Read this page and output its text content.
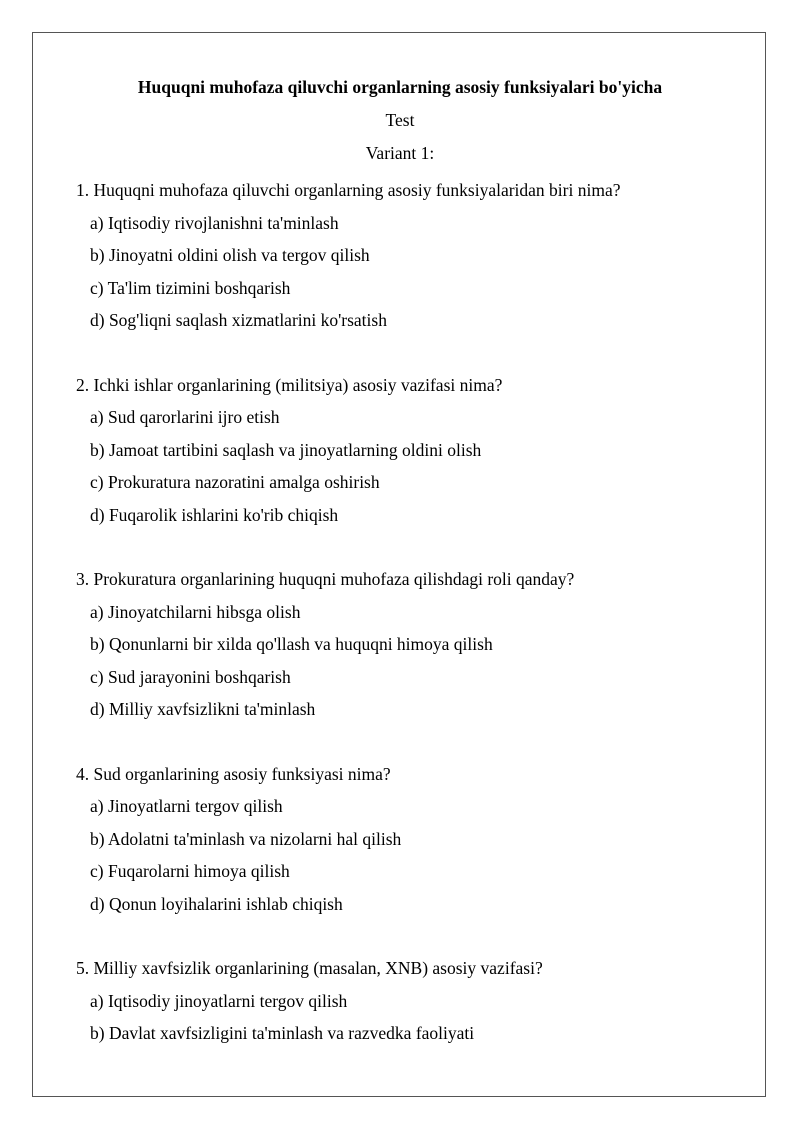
Huquqni muhofaza qiluvchi organlarning asosiy funksiyalari bo'yicha
Test
Variant 1:
1. Huquqni muhofaza qiluvchi organlarning asosiy funksiyalaridan biri nima?
a) Iqtisodiy rivojlanishni ta'minlash
b) Jinoyatni oldini olish va tergov qilish
c) Ta'lim tizimini boshqarish
d) Sog'liqni saqlash xizmatlarini ko'rsatish
2. Ichki ishlar organlarining (militsiya) asosiy vazifasi nima?
a) Sud qarorlarini ijro etish
b) Jamoat tartibini saqlash va jinoyatlarning oldini olish
c) Prokuratura nazoratini amalga oshirish
d) Fuqarolik ishlarini ko'rib chiqish
3. Prokuratura organlarining huquqni muhofaza qilishdagi roli qanday?
a) Jinoyatchilarni hibsga olish
b) Qonunlarni bir xilda qo'llash va huquqni himoya qilish
c) Sud jarayonini boshqarish
d) Milliy xavfsizlikni ta'minlash
4. Sud organlarining asosiy funksiyasi nima?
a) Jinoyatlarni tergov qilish
b) Adolatni ta'minlash va nizolarni hal qilish
c) Fuqarolarni himoya qilish
d) Qonun loyihalarini ishlab chiqish
5. Milliy xavfsizlik organlarining (masalan, XNB) asosiy vazifasi?
a) Iqtisodiy jinoyatlarni tergov qilish
b) Davlat xavfsizligini ta'minlash va razvedka faoliyati
